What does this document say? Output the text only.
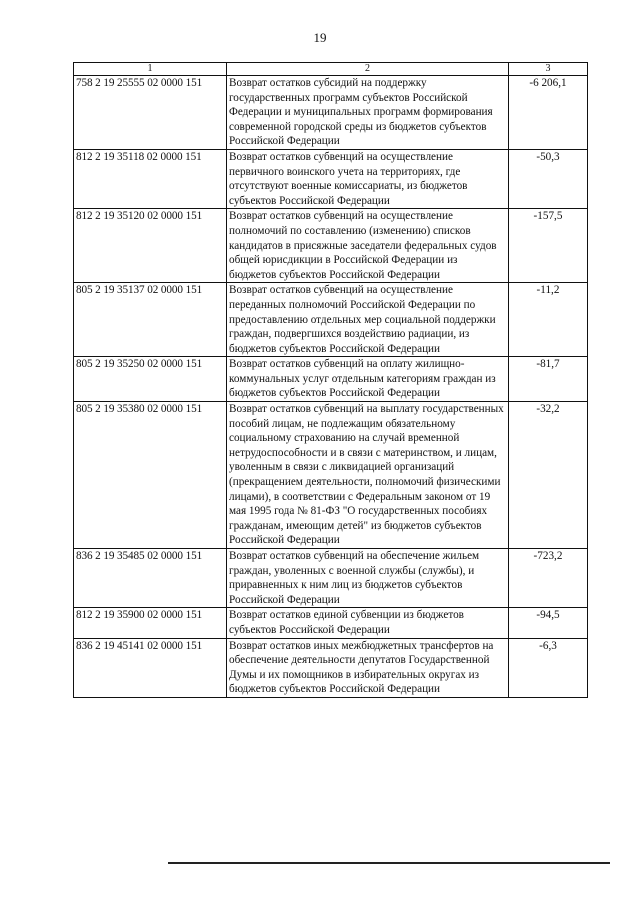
19
1	2	3
758 2 19 25555 02 0000 151	Возврат остатков субсидий на поддержку государственных программ субъектов Российской Федерации и муниципальных программ формирования современной городской среды из бюджетов субъектов Российской Федерации	-6 206,1
812 2 19 35118 02 0000 151	Возврат остатков субвенций на осуществление первичного воинского учета на территориях, где отсутствуют военные комиссариаты, из бюджетов субъектов Российской Федерации	-50,3
812 2 19 35120 02 0000 151	Возврат остатков субвенций на осуществление полномочий по составлению (изменению) списков кандидатов в присяжные заседатели федеральных судов общей юрисдикции в Российской Федерации из бюджетов субъектов Российской Федерации	-157,5
805 2 19 35137 02 0000 151	Возврат остатков субвенций на осуществление переданных полномочий Российской Федерации по предоставлению отдельных мер социальной поддержки граждан, подвергшихся воздействию радиации, из бюджетов субъектов Российской Федерации	-11,2
805 2 19 35250 02 0000 151	Возврат остатков субвенций на оплату жилищно-коммунальных услуг отдельным категориям граждан из бюджетов субъектов Российской Федерации	-81,7
805 2 19 35380 02 0000 151	Возврат остатков субвенций на выплату государственных пособий лицам, не подлежащим обязательному социальному страхованию на случай временной нетрудоспособности и в связи с материнством, и лицам, уволенным в связи с ликвидацией организаций (прекращением деятельности, полномочий физическими лицами), в соответствии с Федеральным законом от 19 мая 1995 года № 81-ФЗ "О государственных пособиях гражданам, имеющим детей" из бюджетов субъектов Российской Федерации	-32,2
836 2 19 35485 02 0000 151	Возврат остатков субвенций на обеспечение жильем граждан, уволенных с военной службы (службы), и приравненных к ним лиц из бюджетов субъектов Российской Федерации	-723,2
812 2 19 35900 02 0000 151	Возврат остатков единой субвенции из бюджетов субъектов Российской Федерации	-94,5
836 2 19 45141 02 0000 151	Возврат остатков иных межбюджетных трансфертов на обеспечение деятельности депутатов Государственной Думы и их помощников в избирательных округах из бюджетов субъектов Российской Федерации	-6,3
